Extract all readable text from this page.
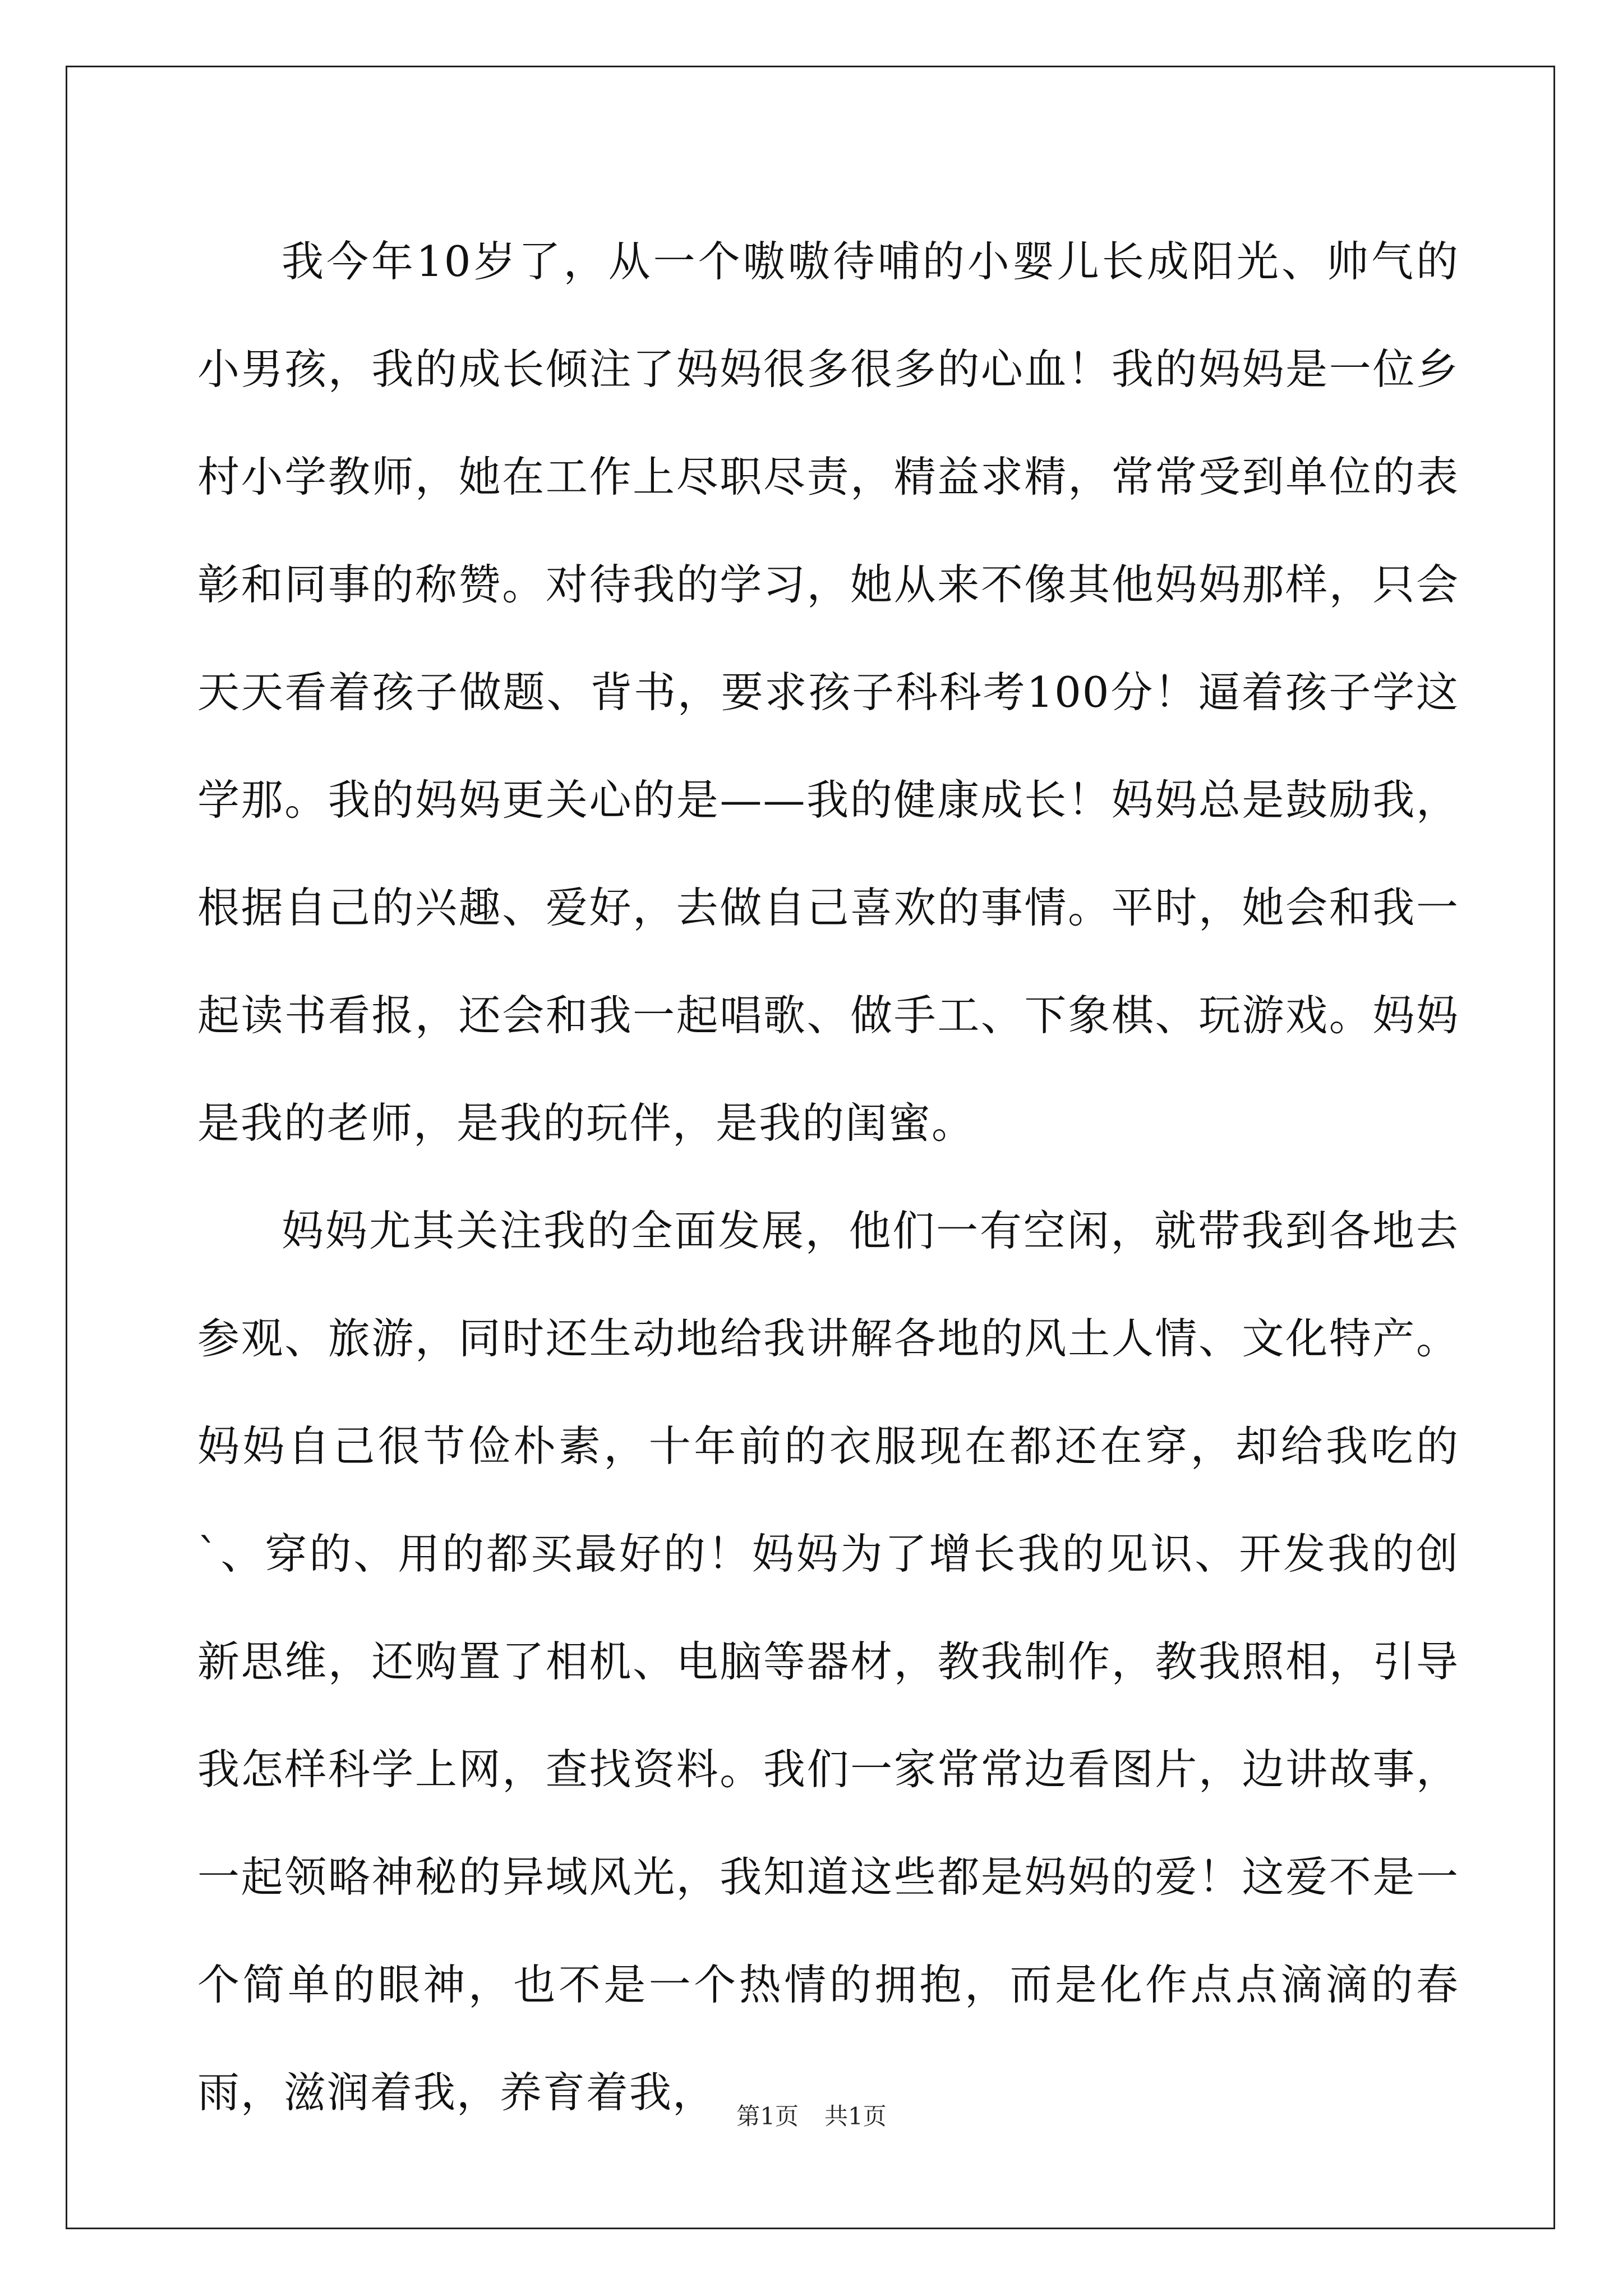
我今年10岁了，从一个嗷嗷待哺的小婴儿长成阳光、帅气的小男孩，我的成长倾注了妈妈很多很多的心血！我的妈妈是一位乡村小学教师，她在工作上尽职尽责，精益求精，常常受到单位的表彰和同事的称赞。对待我的学习，她从来不像其他妈妈那样，只会天天看着孩子做题、背书，要求孩子科科考100分！逼着孩子学这学那。我的妈妈更关心的是——我的健康成长！妈妈总是鼓励我，根据自己的兴趣、爱好，去做自己喜欢的事情。平时，她会和我一起读书看报，还会和我一起唱歌、做手工、下象棋、玩游戏。妈妈是我的老师，是我的玩伴，是我的闺蜜。

妈妈尤其关注我的全面发展，他们一有空闲，就带我到各地去参观、旅游，同时还生动地给我讲解各地的风土人情、文化特产。妈妈自己很节俭朴素，十年前的衣服现在都还在穿，却给我吃的`、穿的、用的都买最好的！妈妈为了增长我的见识、开发我的创新思维，还购置了相机、电脑等器材，教我制作，教我照相，引导我怎样科学上网，查找资料。我们一家常常边看图片，边讲故事，一起领略神秘的异域风光，我知道这些都是妈妈的爱！这爱不是一个简单的眼神，也不是一个热情的拥抱，而是化作点点滴滴的春雨，滋润着我，养育着我， 第1页 共1页
